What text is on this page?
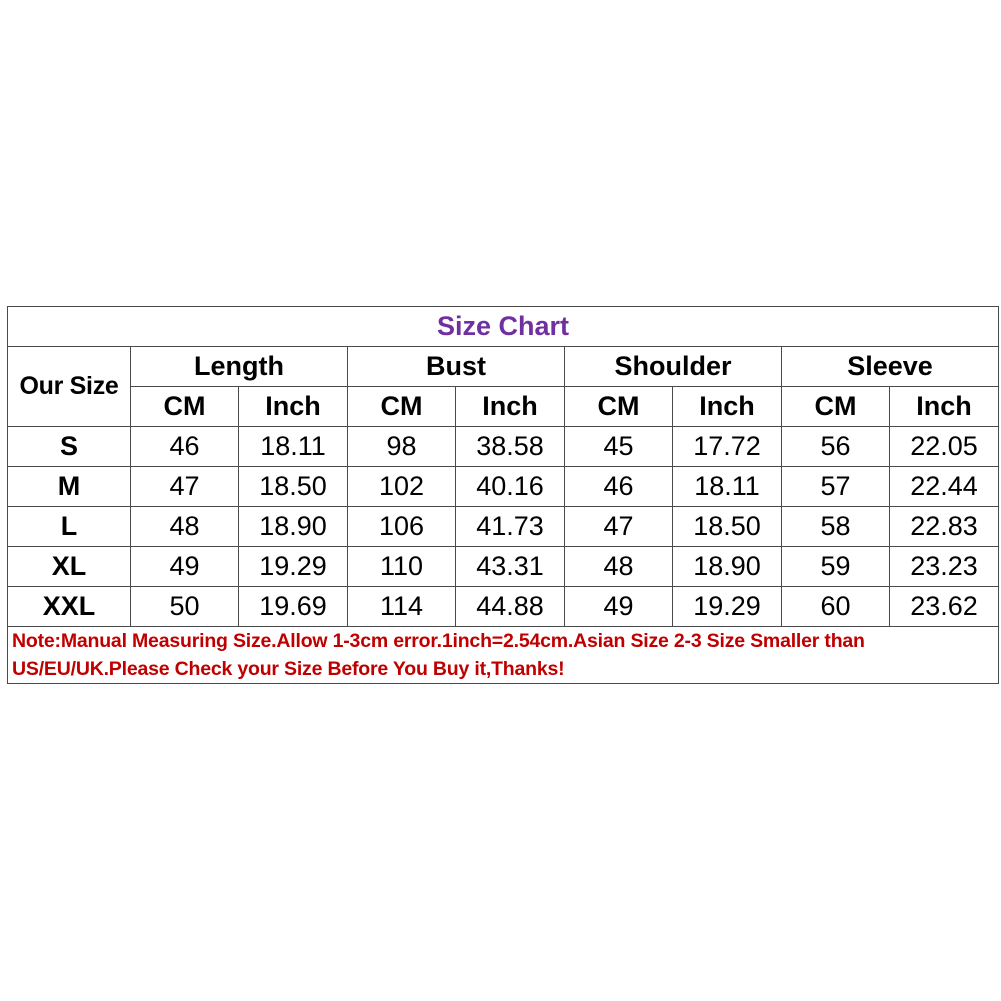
Size Chart								
Our Size	Length		Bust		Shoulder		Sleeve	
	CM	Inch	CM	Inch	CM	Inch	CM	Inch
S	46	18.11	98	38.58	45	17.72	56	22.05
M	47	18.50	102	40.16	46	18.11	57	22.44
L	48	18.90	106	41.73	47	18.50	58	22.83
XL	49	19.29	110	43.31	48	18.90	59	23.23
XXL	50	19.69	114	44.88	49	19.29	60	23.62
Note:Manual Measuring Size.Allow 1-3cm error.1inch=2.54cm.Asian Size 2-3 Size Smaller than US/EU/UK.Please Check your Size Before You Buy it,Thanks!								
